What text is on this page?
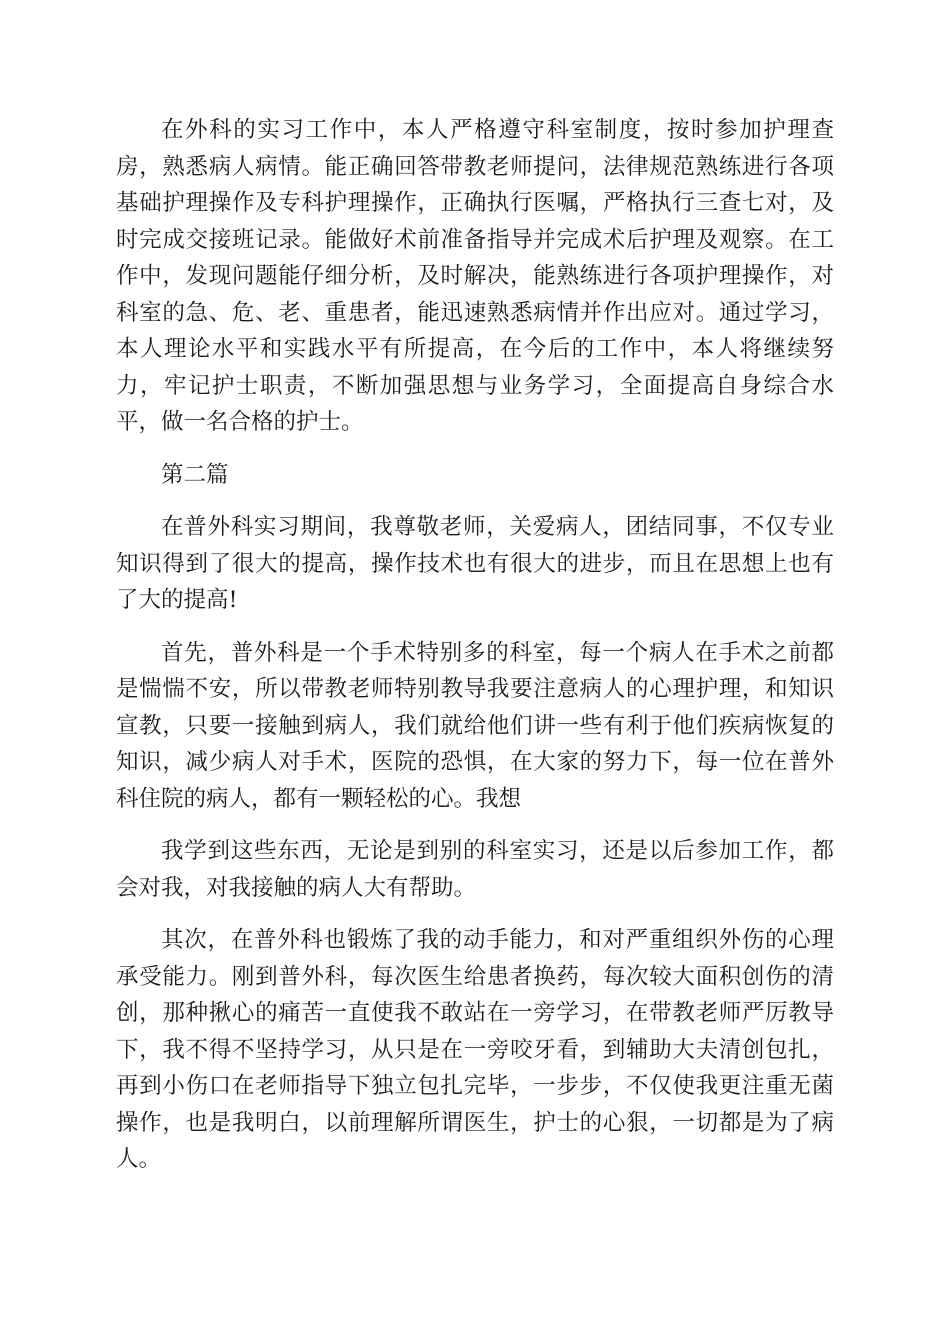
在外科的实习工作中，本人严格遵守科室制度，按时参加护理查房，熟悉病人病情。能正确回答带教老师提问，法律规范熟练进行各项基础护理操作及专科护理操作，正确执行医嘱，严格执行三查七对，及时完成交接班记录。能做好术前准备指导并完成术后护理及观察。在工作中，发现问题能仔细分析，及时解决，能熟练进行各项护理操作，对科室的急、危、老、重患者，能迅速熟悉病情并作出应对。通过学习，本人理论水平和实践水平有所提高，在今后的工作中，本人将继续努力，牢记护士职责，不断加强思想与业务学习，全面提高自身综合水平，做一名合格的护士。

第二篇

在普外科实习期间，我尊敬老师，关爱病人，团结同事，不仅专业知识得到了很大的提高，操作技术也有很大的进步，而且在思想上也有了大的提高!

首先，普外科是一个手术特别多的科室，每一个病人在手术之前都是惴惴不安，所以带教老师特别教导我要注意病人的心理护理，和知识宣教，只要一接触到病人，我们就给他们讲一些有利于他们疾病恢复的知识，减少病人对手术，医院的恐惧，在大家的努力下，每一位在普外科住院的病人，都有一颗轻松的心。我想

我学到这些东西，无论是到别的科室实习，还是以后参加工作，都会对我，对我接触的病人大有帮助。

其次，在普外科也锻炼了我的动手能力，和对严重组织外伤的心理承受能力。刚到普外科，每次医生给患者换药，每次较大面积创伤的清创，那种揪心的痛苦一直使我不敢站在一旁学习，在带教老师严厉教导下，我不得不坚持学习，从只是在一旁咬牙看，到辅助大夫清创包扎，再到小伤口在老师指导下独立包扎完毕，一步步，不仅使我更注重无菌操作，也是我明白，以前理解所谓医生，护士的心狠，一切都是为了病人。
